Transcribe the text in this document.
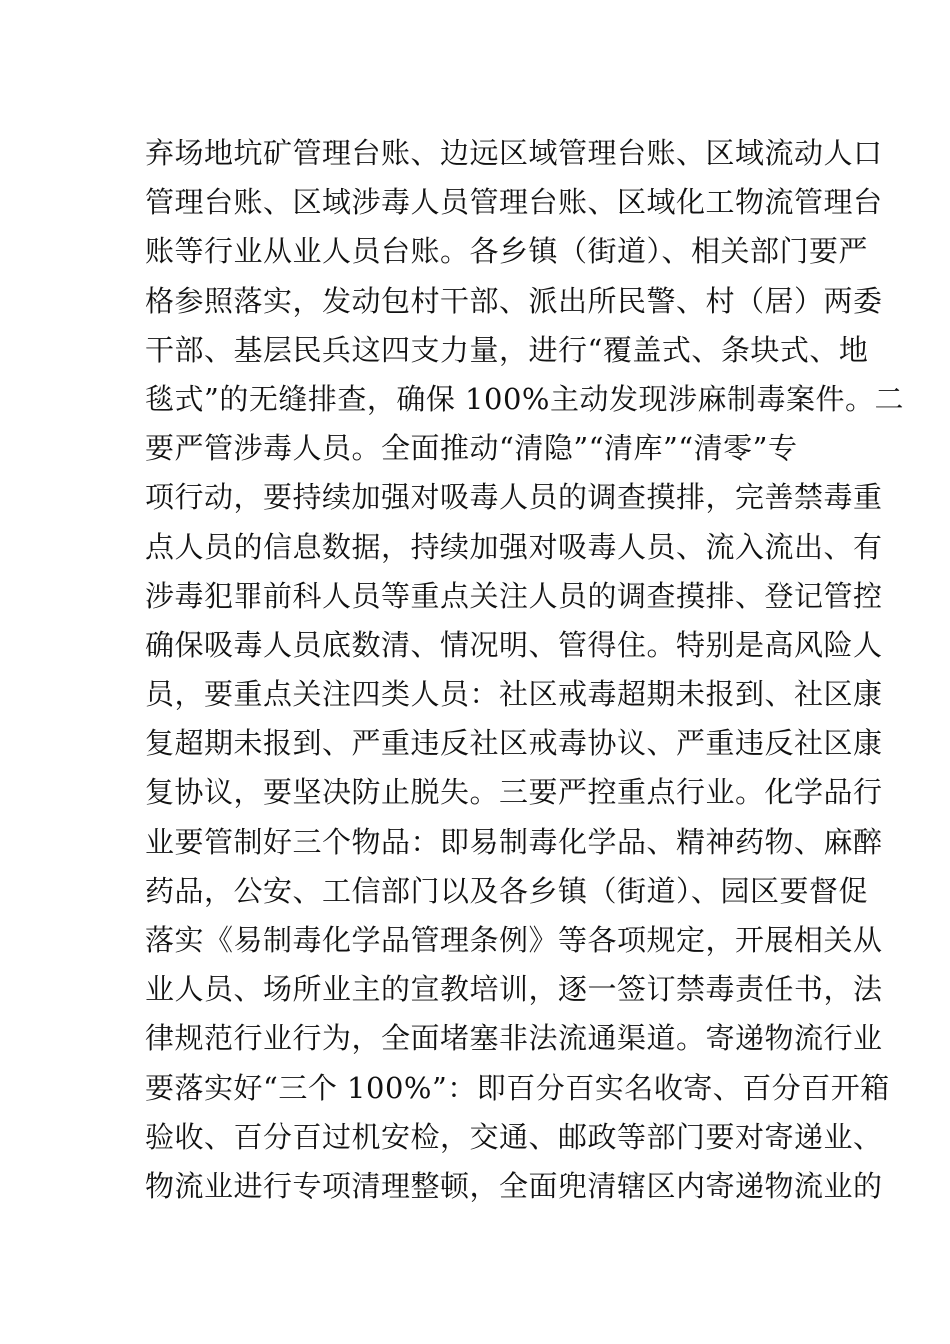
弃场地坑矿管理台账、边远区域管理台账、区域流动人口
管理台账、区域涉毒人员管理台账、区域化工物流管理台
账等行业从业人员台账。各乡镇（街道）、相关部门要严
格参照落实，发动包村干部、派出所民警、村（居）两委
干部、基层民兵这四支力量，进行“覆盖式、条块式、地
毯式”的无缝排查，确保 100%主动发现涉麻制毒案件。二
要严管涉毒人员。全面推动“清隐”“清库”“清零”专
项行动，要持续加强对吸毒人员的调查摸排，完善禁毒重
点人员的信息数据，持续加强对吸毒人员、流入流出、有
涉毒犯罪前科人员等重点关注人员的调查摸排、登记管控
确保吸毒人员底数清、情况明、管得住。特别是高风险人
员，要重点关注四类人员：社区戒毒超期未报到、社区康
复超期未报到、严重违反社区戒毒协议、严重违反社区康
复协议，要坚决防止脱失。三要严控重点行业。化学品行
业要管制好三个物品：即易制毒化学品、精神药物、麻醉
药品，公安、工信部门以及各乡镇（街道）、园区要督促
落实《易制毒化学品管理条例》等各项规定，开展相关从
业人员、场所业主的宣教培训，逐一签订禁毒责任书，法
律规范行业行为，全面堵塞非法流通渠道。寄递物流行业
要落实好“三个 100%”：即百分百实名收寄、百分百开箱
验收、百分百过机安检，交通、邮政等部门要对寄递业、
物流业进行专项清理整顿，全面兜清辖区内寄递物流业的
